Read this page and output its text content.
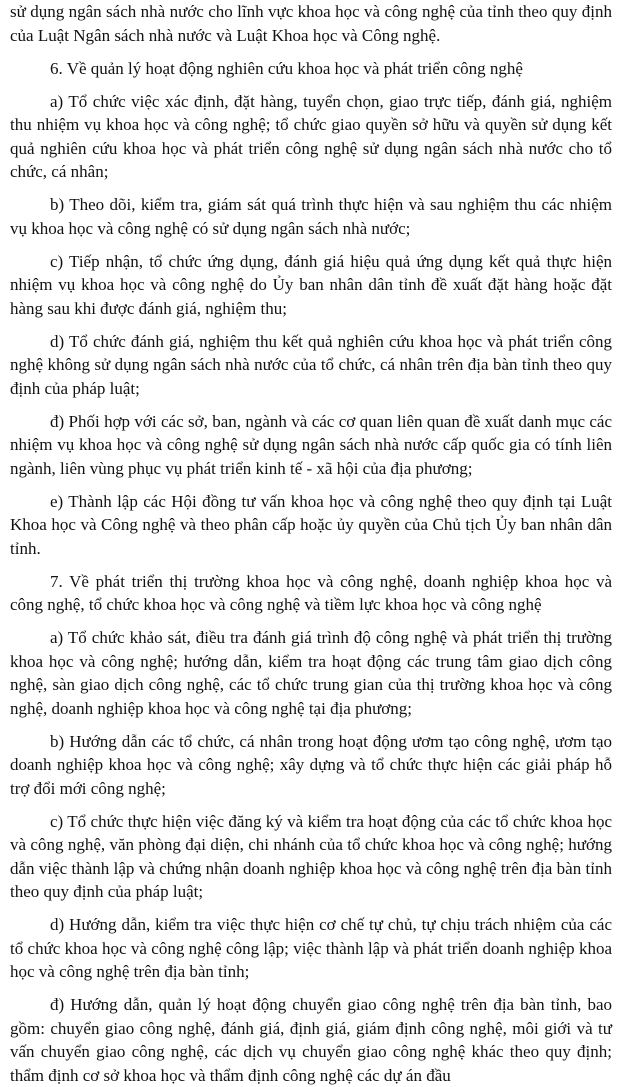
sử dụng ngân sách nhà nước cho lĩnh vực khoa học và công nghệ của tỉnh theo quy định của Luật Ngân sách nhà nước và Luật Khoa học và Công nghệ.

6. Về quản lý hoạt động nghiên cứu khoa học và phát triển công nghệ

a) Tổ chức việc xác định, đặt hàng, tuyển chọn, giao trực tiếp, đánh giá, nghiệm thu nhiệm vụ khoa học và công nghệ; tổ chức giao quyền sở hữu và quyền sử dụng kết quả nghiên cứu khoa học và phát triển công nghệ sử dụng ngân sách nhà nước cho tổ chức, cá nhân;

b) Theo dõi, kiểm tra, giám sát quá trình thực hiện và sau nghiệm thu các nhiệm vụ khoa học và công nghệ có sử dụng ngân sách nhà nước;

c) Tiếp nhận, tổ chức ứng dụng, đánh giá hiệu quả ứng dụng kết quả thực hiện nhiệm vụ khoa học và công nghệ do Ủy ban nhân dân tỉnh đề xuất đặt hàng hoặc đặt hàng sau khi được đánh giá, nghiệm thu;

d) Tổ chức đánh giá, nghiệm thu kết quả nghiên cứu khoa học và phát triển công nghệ không sử dụng ngân sách nhà nước của tổ chức, cá nhân trên địa bàn tỉnh theo quy định của pháp luật;

đ) Phối hợp với các sở, ban, ngành và các cơ quan liên quan đề xuất danh mục các nhiệm vụ khoa học và công nghệ sử dụng ngân sách nhà nước cấp quốc gia có tính liên ngành, liên vùng phục vụ phát triển kinh tế - xã hội của địa phương;

e) Thành lập các Hội đồng tư vấn khoa học và công nghệ theo quy định tại Luật Khoa học và Công nghệ và theo phân cấp hoặc ủy quyền của Chủ tịch Ủy ban nhân dân tỉnh.

7. Về phát triển thị trường khoa học và công nghệ, doanh nghiệp khoa học và công nghệ, tổ chức khoa học và công nghệ và tiềm lực khoa học và công nghệ

a) Tổ chức khảo sát, điều tra đánh giá trình độ công nghệ và phát triển thị trường khoa học và công nghệ; hướng dẫn, kiểm tra hoạt động các trung tâm giao dịch công nghệ, sàn giao dịch công nghệ, các tổ chức trung gian của thị trường khoa học và công nghệ, doanh nghiệp khoa học và công nghệ tại địa phương;

b) Hướng dẫn các tổ chức, cá nhân trong hoạt động ươm tạo công nghệ, ươm tạo doanh nghiệp khoa học và công nghệ; xây dựng và tổ chức thực hiện các giải pháp hỗ trợ đổi mới công nghệ;

c) Tổ chức thực hiện việc đăng ký và kiểm tra hoạt động của các tổ chức khoa học và công nghệ, văn phòng đại diện, chi nhánh của tổ chức khoa học và công nghệ; hướng dẫn việc thành lập và chứng nhận doanh nghiệp khoa học và công nghệ trên địa bàn tỉnh theo quy định của pháp luật;

d) Hướng dẫn, kiểm tra việc thực hiện cơ chế tự chủ, tự chịu trách nhiệm của các tổ chức khoa học và công nghệ công lập; việc thành lập và phát triển doanh nghiệp khoa học và công nghệ trên địa bàn tỉnh;

đ) Hướng dẫn, quản lý hoạt động chuyển giao công nghệ trên địa bàn tỉnh, bao gồm: chuyển giao công nghệ, đánh giá, định giá, giám định công nghệ, môi giới và tư vấn chuyển giao công nghệ, các dịch vụ chuyển giao công nghệ khác theo quy định; thẩm định cơ sở khoa học và thẩm định công nghệ các dự án đầu
